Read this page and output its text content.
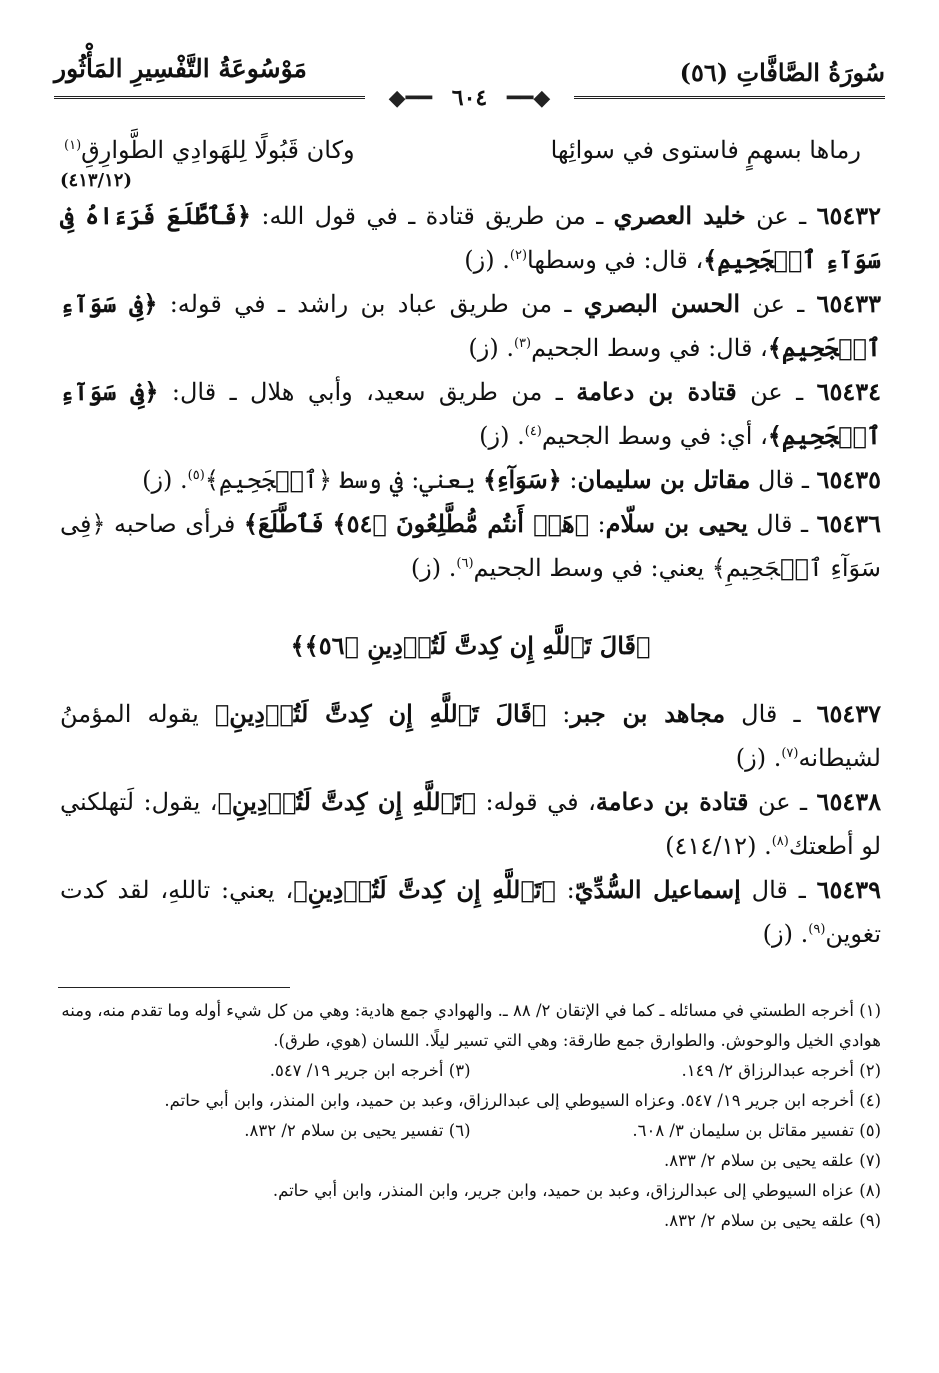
سُورَةُ الصَّافَّاتِ (٥٦)
مَوْسُوعَةُ التَّفْسِيرِ المَأْثُور
◆━━ ٦٠٤ ━━◆
رماها بسهمٍ فاستوى في سوائِها
وكان قَبُولًا لِلهَوادِي الطَّوارِقِ$^{(١)}$
(٤١٣/١٢)

٦٥٤٣٢ ـ عن خليد العصري ـ من طريق قتادة ـ في قول الله: ﴿فَٱطَّلَعَ فَرَءَاهُ فِى سَوَآءِ ٱلۡجَحِيمِ﴾، قال: في وسطها$^{(٢)}$. (ز)

٦٥٤٣٣ ـ عن الحسن البصري ـ من طريق عباد بن راشد ـ في قوله: ﴿فِى سَوَآءِ ٱلۡجَحِيمِ﴾، قال: في وسط الجحيم$^{(٣)}$. (ز)

٦٥٤٣٤ ـ عن قتادة بن دعامة ـ من طريق سعيد، وأبي هلال ـ قال: ﴿فِى سَوَآءِ ٱلۡجَحِيمِ﴾، أي: في وسط الجحيم$^{(٤)}$. (ز)

٦٥٤٣٥ ـ قال مقاتل بن سليمان: ﴿سَوَآءِ﴾ يعني: في وسط ﴿ٱلۡجَحِيمِ﴾$^{(٥)}$. (ز)

٦٥٤٣٦ ـ قال يحيى بن سلّام: ﴿هَلۡ أَنتُم مُّطَّلِعُونَ ﴿٥٤﴾ فَٱطَّلَعَ﴾ فرأى صاحبه ﴿فِى سَوَآءِ ٱلۡجَحِيمِ﴾ يعني: في وسط الجحيم$^{(٦)}$. (ز)

﴿قَالَ تَٱللَّهِ إِن كِدتَّ لَتُرۡدِينِ ﴿٥٦﴾﴾

٦٥٤٣٧ ـ قال مجاهد بن جبر: ﴿قَالَ تَٱللَّهِ إِن كِدتَّ لَتُرۡدِينِ﴾ يقوله المؤمنُ لشيطانه$^{(٧)}$. (ز)

٦٥٤٣٨ ـ عن قتادة بن دعامة، في قوله: ﴿تَٱللَّهِ إِن كِدتَّ لَتُرۡدِينِ﴾، يقول: لَتهلكني لو أطعتك$^{(٨)}$. (٤١٤/١٢)

٦٥٤٣٩ ـ قال إسماعيل السُّدِّيّ: ﴿تَٱللَّهِ إِن كِدتَّ لَتُرۡدِينِ﴾، يعني: تاللهِ، لقد كدت تغوين$^{(٩)}$. (ز)

(١) أخرجه الطستي في مسائله ـ كما في الإتقان ٢/ ٨٨ ـ. والهوادي جمع هادية: وهي من كل شيء أوله وما تقدم منه، ومنه هوادي الخيل والوحوش. والطوارق جمع طارقة: وهي التي تسير ليلًا. اللسان (هوي، طرق).

(٢) أخرجه عبدالرزاق ٢/ ١٤٩.
(٣) أخرجه ابن جرير ١٩/ ٥٤٧.

(٤) أخرجه ابن جرير ١٩/ ٥٤٧. وعزاه السيوطي إلى عبدالرزاق، وعبد بن حميد، وابن المنذر، وابن أبي حاتم.

(٥) تفسير مقاتل بن سليمان ٣/ ٦٠٨.
(٦) تفسير يحيى بن سلام ٢/ ٨٣٢.

(٧) علقه يحيى بن سلام ٢/ ٨٣٣.

(٨) عزاه السيوطي إلى عبدالرزاق، وعبد بن حميد، وابن جرير، وابن المنذر، وابن أبي حاتم.

(٩) علقه يحيى بن سلام ٢/ ٨٣٢.
